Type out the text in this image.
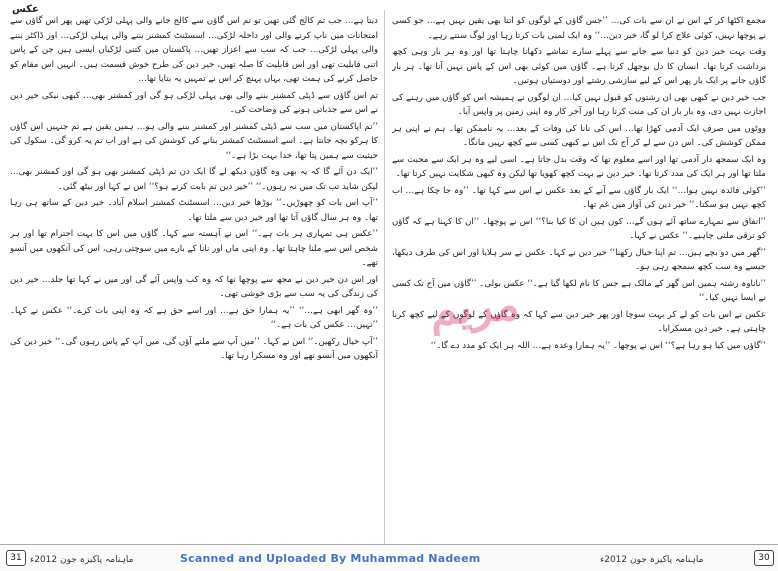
عکس

دیتا ہے… جب تم کالج گئی تھیں تو تم اس گاؤں سے کالج جانے والی پہلی لڑکی تھیں پھر اس گاؤں سے امتحانات میں ناپ کرنے والی اور داخلہ لڑکی… اسسٹنٹ کمشنر بننے والی پہلی لڑکی… اور ڈاکٹر بننے والی پہلی لڑکی… جب کہ سب سے اعزاز تھیں… پاکستان میں کتنی لڑکیاں ایسی ہیں جن کے پاس اتنی قابلیت تھی اور اس قابلیت کا صلہ تھیں، خیر دین کی طرح خوش قسمت ہیں۔ انہیں اس مقام کو حاصل کرنے کی ہمت تھی، یہاں پہنچ کر اس نے تمہیں یہ بتایا تھا…

تم اس گاؤں سے ڈپٹی کمشنر بننے والی بھی پہلی لڑکی ہو گی اور کمشنر بھی… کبھی نیکی خیر دین نے اس سے جذباتی ہونے کی وضاحت کی۔

’’تم اپاکستان میں سب سے ڈپٹی کمشنر اور کمشنر بننے والی ہو… ہمیں یقین ہے تم جنہیں اس گاؤں کا ہرکو بچہ جانتا ہے۔ اسے اسسٹنٹ کمشنر بنانے کی کوشش کی ہے اور اب تم یہ کرو گی۔ سکول کی حیثیت سے ہمیں پتا تھا، خدا بہت بڑا ہے۔‘‘

’’ایک دن آئے گا کہ یہ بھی وہ گاؤں دیکھ لے گا ایک دن تم ڈپٹی کمشنر بھی ہو گی اور کمشنر بھی… لیکن شاید تب تک میں نہ رہوں۔‘‘ ’’خیر دین تم بابت کرتے ہو؟‘‘ اس نے کہا اور بیٹھ گئی۔

’’آپ اس بات کو چھوڑیں۔‘‘ بوڑھا خیر دین… اسسٹنٹ کمشنر اسلام آباد۔ خیر دین کے ساتھ ہی رہا تھا۔ وہ ہر سال گاؤں آتا تھا اور خیر دین سے ملتا تھا۔

’’عکس ہی تمہاری ہر بات ہے۔‘‘ اس نے آہستہ سے کہا۔ گاؤں میں اس کا بہت احترام تھا اور ہر شخص اس سے ملنا چاہتا تھا۔ وہ اپنی ماں اور نانا کے بارے میں سوچتی رہی، اس کی آنکھوں میں آنسو تھے۔

اور اس دن خیر دین نے مجھ سے پوچھا تھا کہ وہ کب واپس آئے گی اور میں نے کہا تھا جلد… خیر دین کی زندگی کی یہ سب سے بڑی خوشی تھی۔

’’وہ گھر ابھی ہے…‘‘ ’’یہ ہمارا حق ہے… اور اسے حق ہے کہ وہ اپنی بات کرے۔‘‘ عکس نے کہا۔ ’’نہیں… عکس کی بات ہے۔‘‘

’’آپ خیال رکھیں۔‘‘ اس نے کہا۔ ’’میں آپ سے ملنے آؤں گی، میں آپ کے پاس رہوں گی۔‘‘ خیر دین کی آنکھوں میں آنسو تھے اور وہ مسکرا رہا تھا۔

مجمع اکٹھا کر کے اس نے ان سے بات کی… ’’جس گاؤں کے لوگوں کو اتنا بھی یقین نہیں ہے… جو کسی نے پوچھا نہیں، کوئی علاج کرا لو گا، خیر دین…‘‘ وہ ایک لمبی بات کرتا رہا اور لوگ سنتے رہے۔

وقت بہت خیر دین کو دنیا سے جانے سے پہلے سارے تماشے دکھانا چاہتا تھا اور وہ ہر بار وہی کچھ برداشت کرتا تھا۔ انسان کا دل بوجھل کرتا ہے۔ گاؤں میں کوئی بھی اس کے پاس نہیں آتا تھا۔ ہر بار گاؤں جانے پر ایک بار پھر اس کے لیے سازشی رشتے اور دوستیاں ہوتیں۔

جب خیر دین نے کبھی بھی ان رشتوں کو قبول نہیں کیا… ان لوگوں نے ہمیشہ اس کو گاؤں میں رہنے کی اجازت نہیں دی، وہ بار بار ان کی منت کرتا رہا اور آخر کار وہ اپنی زمین پر واپس آیا۔

ووٹوں میں صرف ایک آدمی کھڑا تھا… اس کی نانا کی وفات کے بعد… یہ ناممکن تھا۔ ہم نے اپنی ہر ممکن کوشش کی۔ اس دن سے لے کر آج تک اس نے کبھی کسی سے کچھ نہیں مانگا۔

وہ ایک سمجھ دار آدمی تھا اور اسے معلوم تھا کہ وقت بدل جاتا ہے۔ اسی لیے وہ ہر ایک سے محبت سے ملتا تھا اور ہر ایک کی مدد کرتا تھا۔ خیر دین نے بہت کچھ کھویا تھا لیکن وہ کبھی شکایت نہیں کرتا تھا۔

’’کوئی فائدہ نہیں ہوا…‘‘ ایک بار گاؤں سے آنے کے بعد عکس نے اس سے کہا تھا۔ ’’وہ جا چکا ہے… اب کچھ نہیں ہو سکتا۔‘‘ خیر دین کی آواز میں غم تھا۔

’’اتفاق سے تمہارے ساتھ آئے ہوں گے… کون ہیں ان کا کیا بنا؟‘‘ اس نے پوچھا۔ ’’ان کا کہنا ہے کہ گاؤں کو ترقی ملنی چاہیے۔‘‘ عکس نے کہا۔

’’گھر میں دو بچے ہیں… تم اپنا خیال رکھنا‘‘ خیر دین نے کہا۔ عکس نے سر ہلایا اور اس کی طرف دیکھا، جیسے وہ سب کچھ سمجھ رہی ہو۔

’’ناناوہ رشتہ ہمیں اس گھر کے مالک ہے جس کا نام لکھا گیا ہے۔‘‘ عکس بولی۔ ’’گاؤں میں آج تک کسی نے ایسا نہیں کیا۔‘‘

عکس نے اس بات کو لے کر بہت سوچا اور پھر خیر دین سے کہا کہ وہ گاؤں کے لوگوں کے لیے کچھ کرنا چاہتی ہے۔ خیر دین مسکرایا۔

’’گاؤں میں کیا ہو رہا ہے؟‘‘ اس نے پوچھا۔ ’’یہ ہمارا وعدہ ہے… اللہ ہر ایک کو مدد دے گا۔‘‘

مریم
31 ماہنامہ پاکیزہ جون 2012ء	Scanned and Uploaded By Muhammad Nadeem	ماہنامہ پاکیزہ جون 2012ء	30
